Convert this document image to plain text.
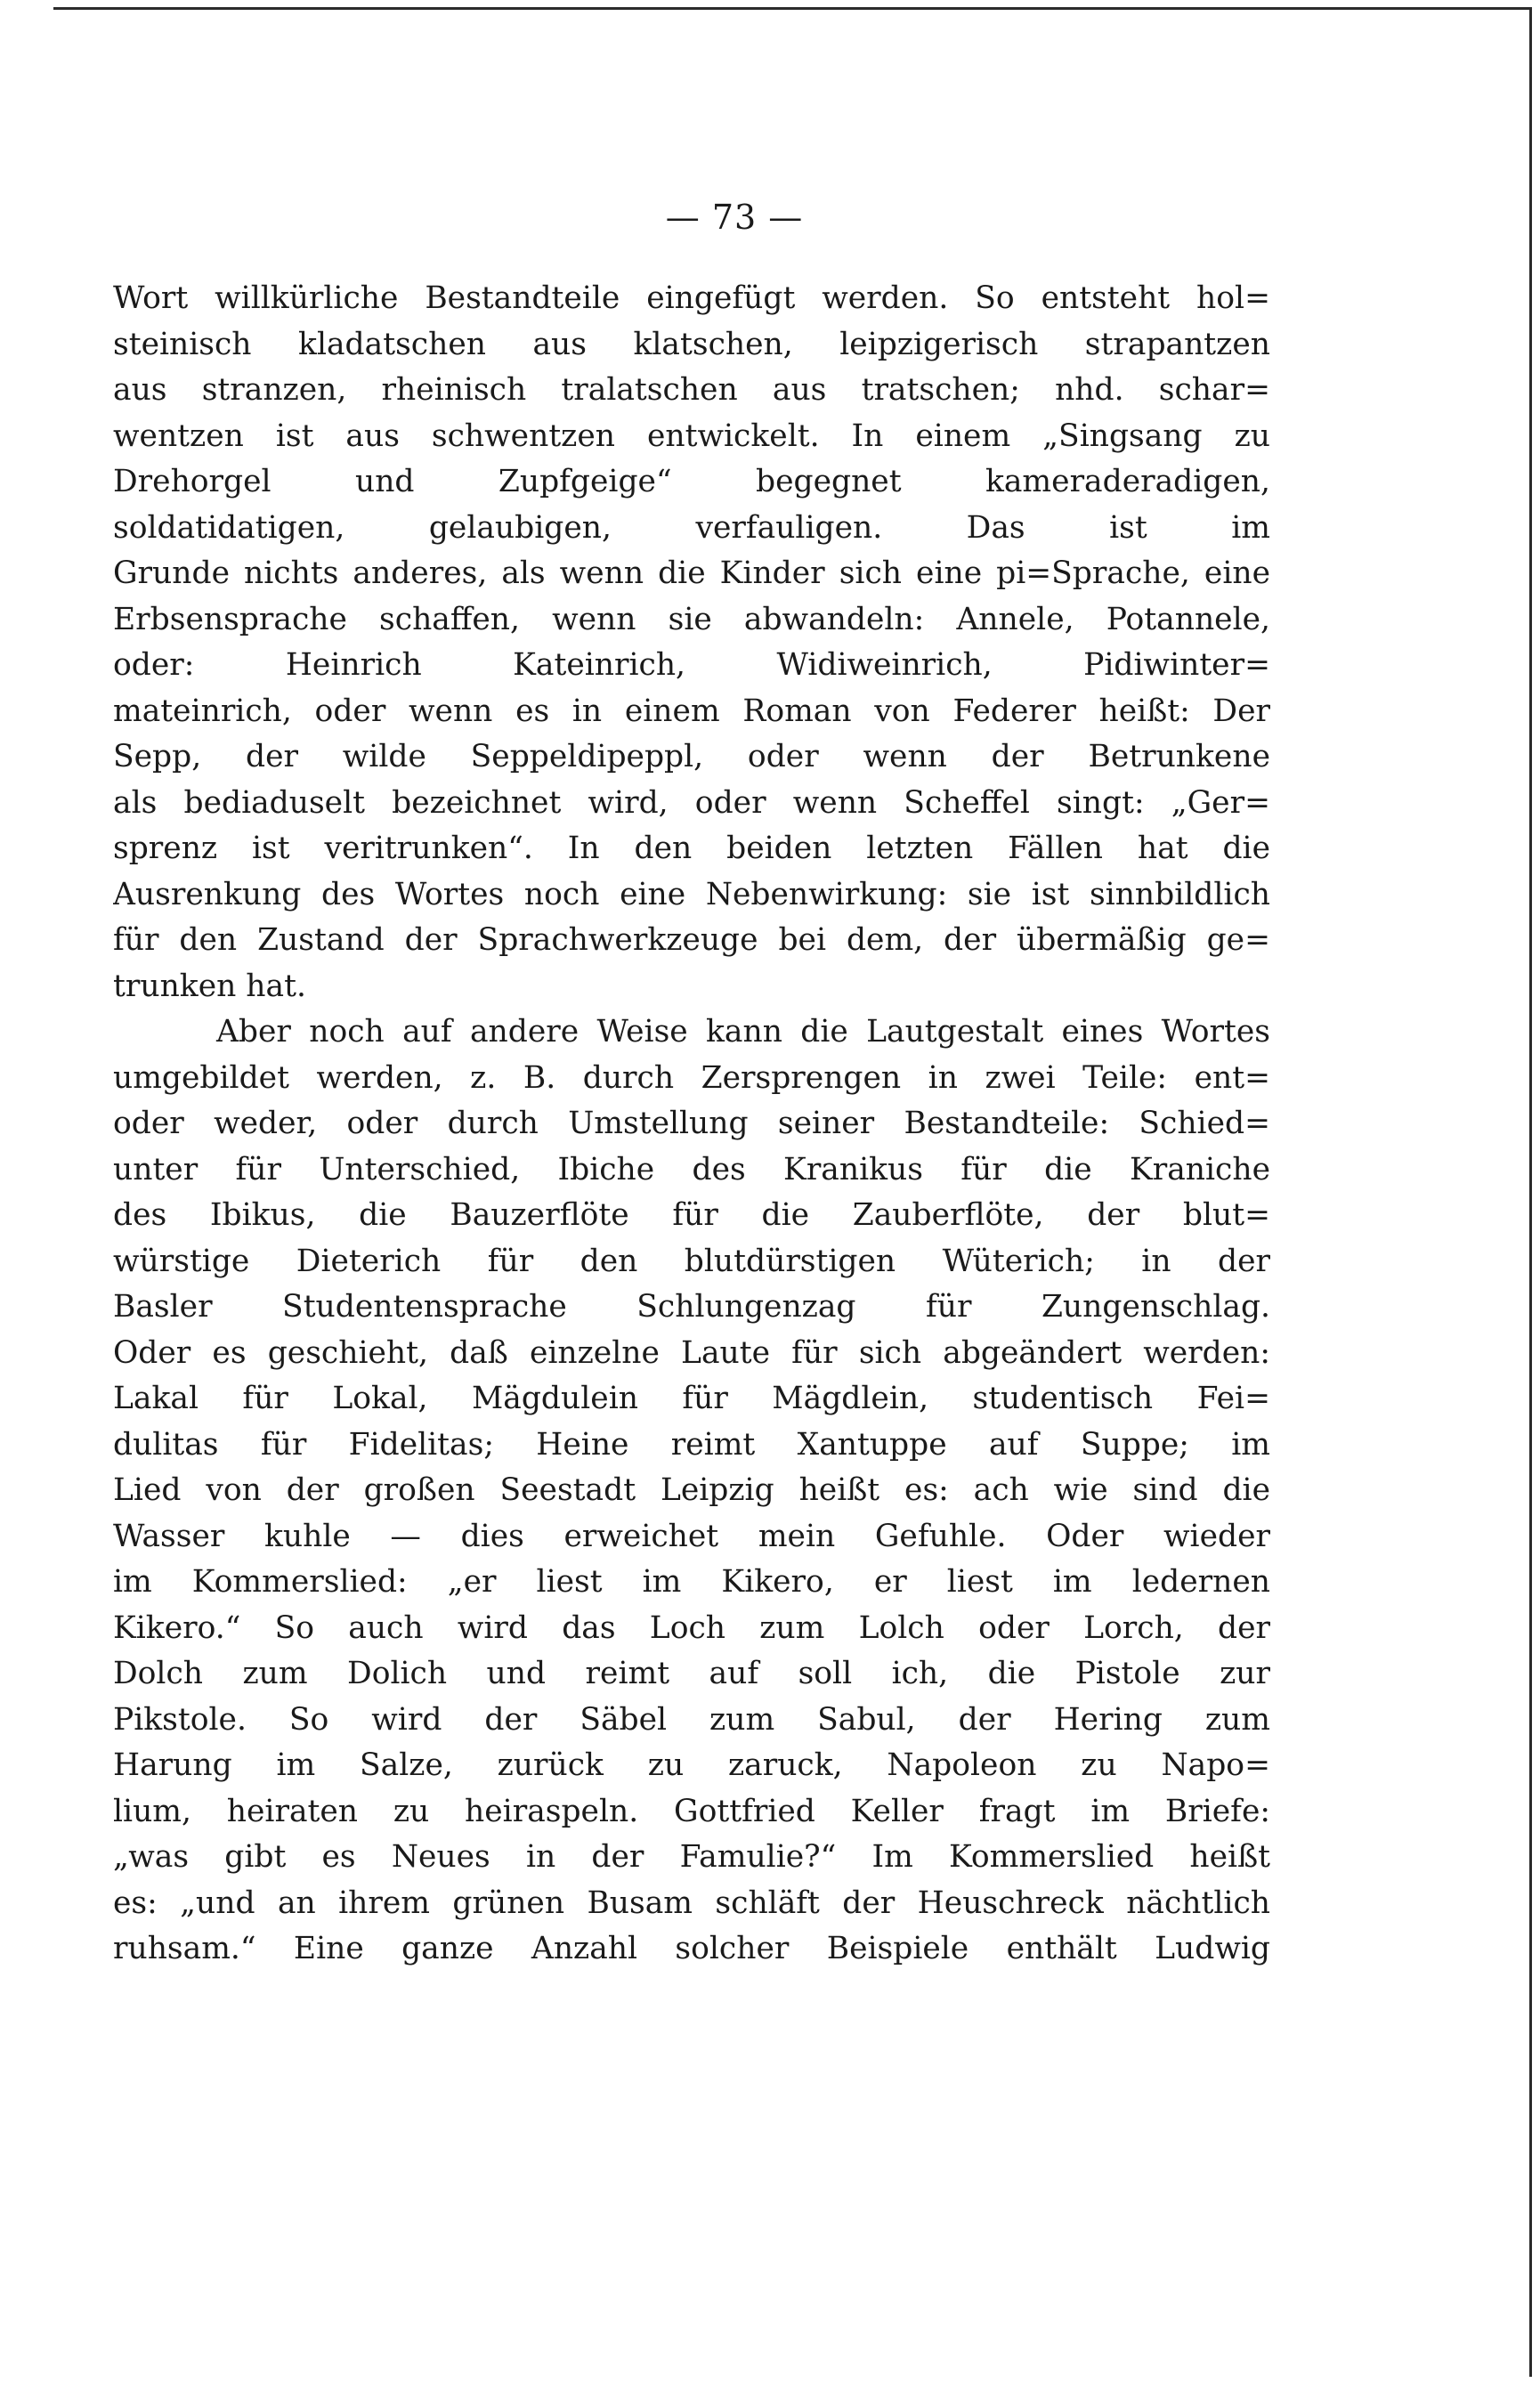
— 73 —
Wort willkürliche Bestandteile eingefügt werden. So entsteht hol=
steinisch kladatschen aus klatschen, leipzigerisch strapantzen
aus stranzen, rheinisch tralatschen aus tratschen; nhd. schar=
wentzen ist aus schwentzen entwickelt. In einem „Singsang zu
Drehorgel und Zupfgeige“ begegnet kameraderadigen,
soldatidatigen, gelaubigen, verfauligen. Das ist im
Grunde nichts anderes, als wenn die Kinder sich eine pi=Sprache, eine
Erbsensprache schaffen, wenn sie abwandeln: Annele, Potannele,
oder: Heinrich Kateinrich, Widiweinrich, Pidiwinter=
mateinrich, oder wenn es in einem Roman von Federer heißt: Der
Sepp, der wilde Seppeldipeppl, oder wenn der Betrunkene
als bediaduselt bezeichnet wird, oder wenn Scheffel singt: „Ger=
sprenz ist veritrunken“. In den beiden letzten Fällen hat die
Ausrenkung des Wortes noch eine Nebenwirkung: sie ist sinnbildlich
für den Zustand der Sprachwerkzeuge bei dem, der übermäßig ge=
trunken hat.
Aber noch auf andere Weise kann die Lautgestalt eines Wortes
umgebildet werden, z. B. durch Zersprengen in zwei Teile: ent=
oder weder, oder durch Umstellung seiner Bestandteile: Schied=
unter für Unterschied, Ibiche des Kranikus für die Kraniche
des Ibikus, die Bauzerflöte für die Zauberflöte, der blut=
würstige Dieterich für den blutdürstigen Wüterich; in der
Basler Studentensprache Schlungenzag für Zungenschlag.
Oder es geschieht, daß einzelne Laute für sich abgeändert werden:
Lakal für Lokal, Mägdulein für Mägdlein, studentisch Fei=
dulitas für Fidelitas; Heine reimt Xantuppe auf Suppe; im
Lied von der großen Seestadt Leipzig heißt es: ach wie sind die
Wasser kuhle — dies erweichet mein Gefuhle. Oder wieder
im Kommerslied: „er liest im Kikero, er liest im ledernen
Kikero.“ So auch wird das Loch zum Lolch oder Lorch, der
Dolch zum Dolich und reimt auf soll ich, die Pistole zur
Pikstole. So wird der Säbel zum Sabul, der Hering zum
Harung im Salze, zurück zu zaruck, Napoleon zu Napo=
lium, heiraten zu heiraspeln. Gottfried Keller fragt im Briefe:
„was gibt es Neues in der Famulie?“ Im Kommerslied heißt
es: „und an ihrem grünen Busam schläft der Heuschreck nächtlich
ruhsam.“ Eine ganze Anzahl solcher Beispiele enthält Ludwig
